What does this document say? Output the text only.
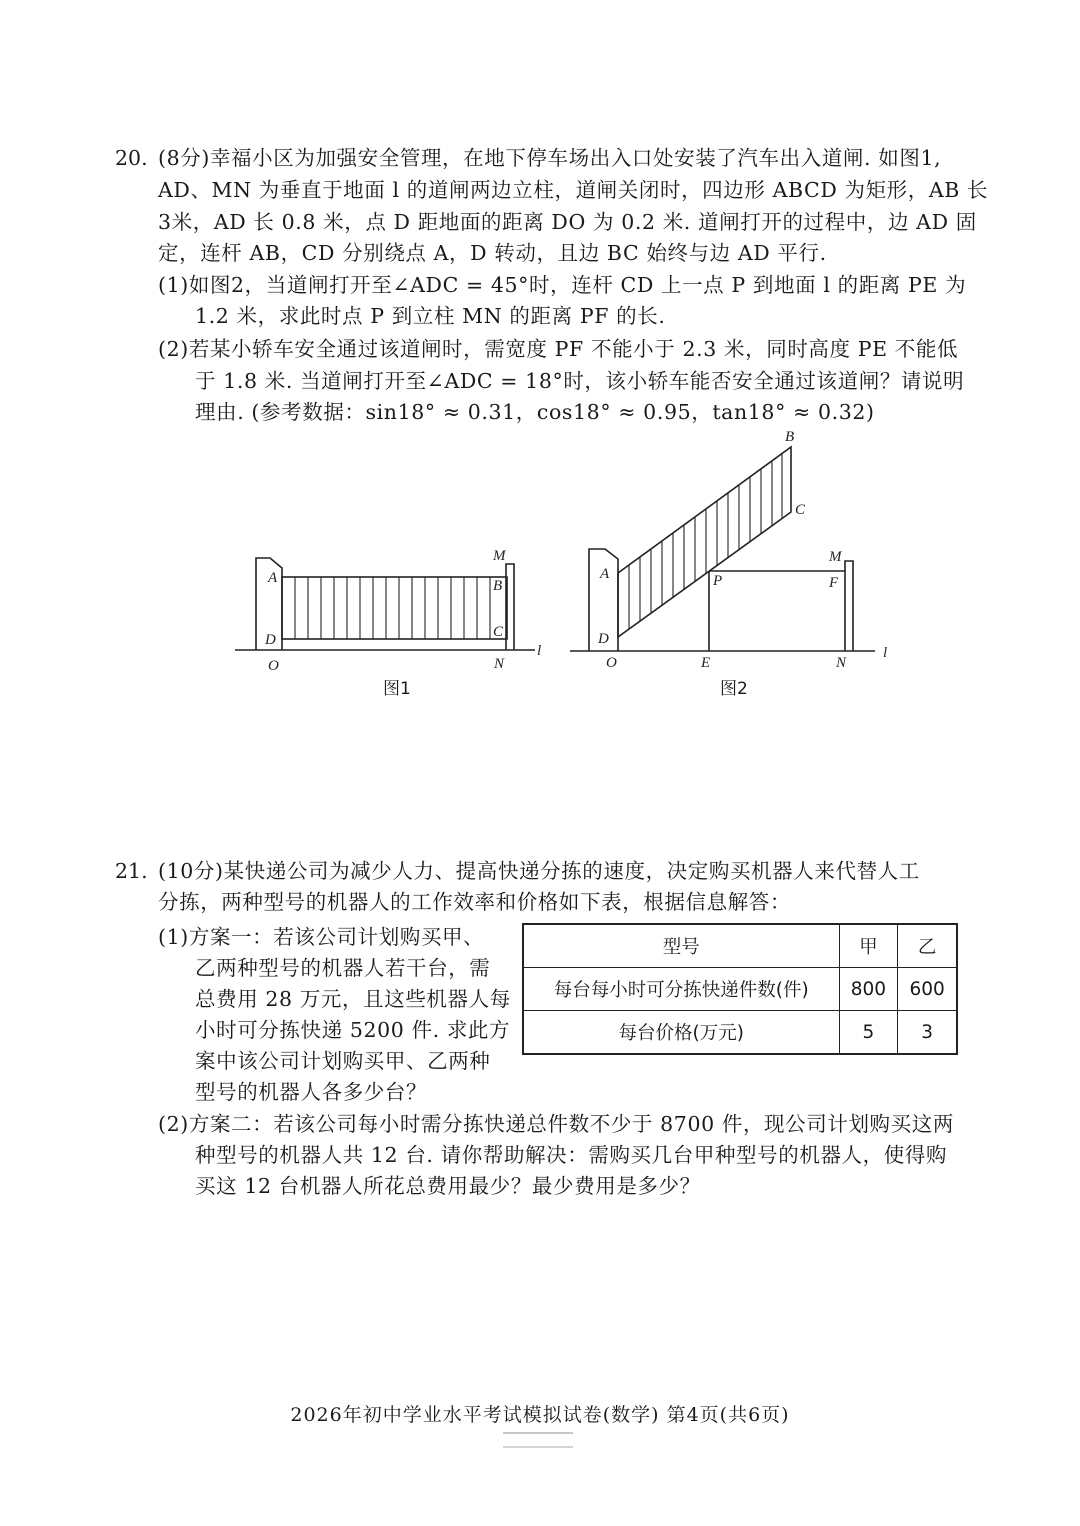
20. (8分)幸福小区为加强安全管理，在地下停车场出入口处安装了汽车出入道闸. 如图1,
AD、MN 为垂直于地面 l 的道闸两边立柱，道闸关闭时，四边形 ABCD 为矩形，AB 长
3米，AD 长 0.8 米，点 D 距地面的距离 DO 为 0.2 米. 道闸打开的过程中，边 AD 固
定，连杆 AB，CD 分别绕点 A，D 转动，且边 BC 始终与边 AD 平行.
(1)如图2，当道闸打开至∠ADC = 45°时，连杆 CD 上一点 P 到地面 l 的距离 PE 为
1.2 米，求此时点 P 到立柱 MN 的距离 PF 的长.
(2)若某小轿车安全通过该道闸时，需宽度 PF 不能小于 2.3 米，同时高度 PE 不能低
于 1.8 米. 当道闸打开至∠ADC = 18°时，该小轿车能否安全通过该道闸？请说明
理由. (参考数据：sin18° ≈ 0.31，cos18° ≈ 0.95，tan18° ≈ 0.32)
A
D
O
M
B
C
N
l
图1
B
C
A
D
O
P
E
M
F
N
l
图2
21. (10分)某快递公司为减少人力、提高快递分拣的速度，决定购买机器人来代替人工
分拣，两种型号的机器人的工作效率和价格如下表，根据信息解答：
(1)方案一：若该公司计划购买甲、
乙两种型号的机器人若干台，需
总费用 28 万元，且这些机器人每
小时可分拣快递 5200 件. 求此方
案中该公司计划购买甲、乙两种
型号的机器人各多少台？
型号	甲	乙
每台每小时可分拣快递件数(件)	800	600
每台价格(万元)	5	3
(2)方案二：若该公司每小时需分拣快递总件数不少于 8700 件，现公司计划购买这两
种型号的机器人共 12 台. 请你帮助解决：需购买几台甲种型号的机器人，使得购
买这 12 台机器人所花总费用最少？最少费用是多少？
2026年初中学业水平考试模拟试卷(数学) 第4页(共6页)
